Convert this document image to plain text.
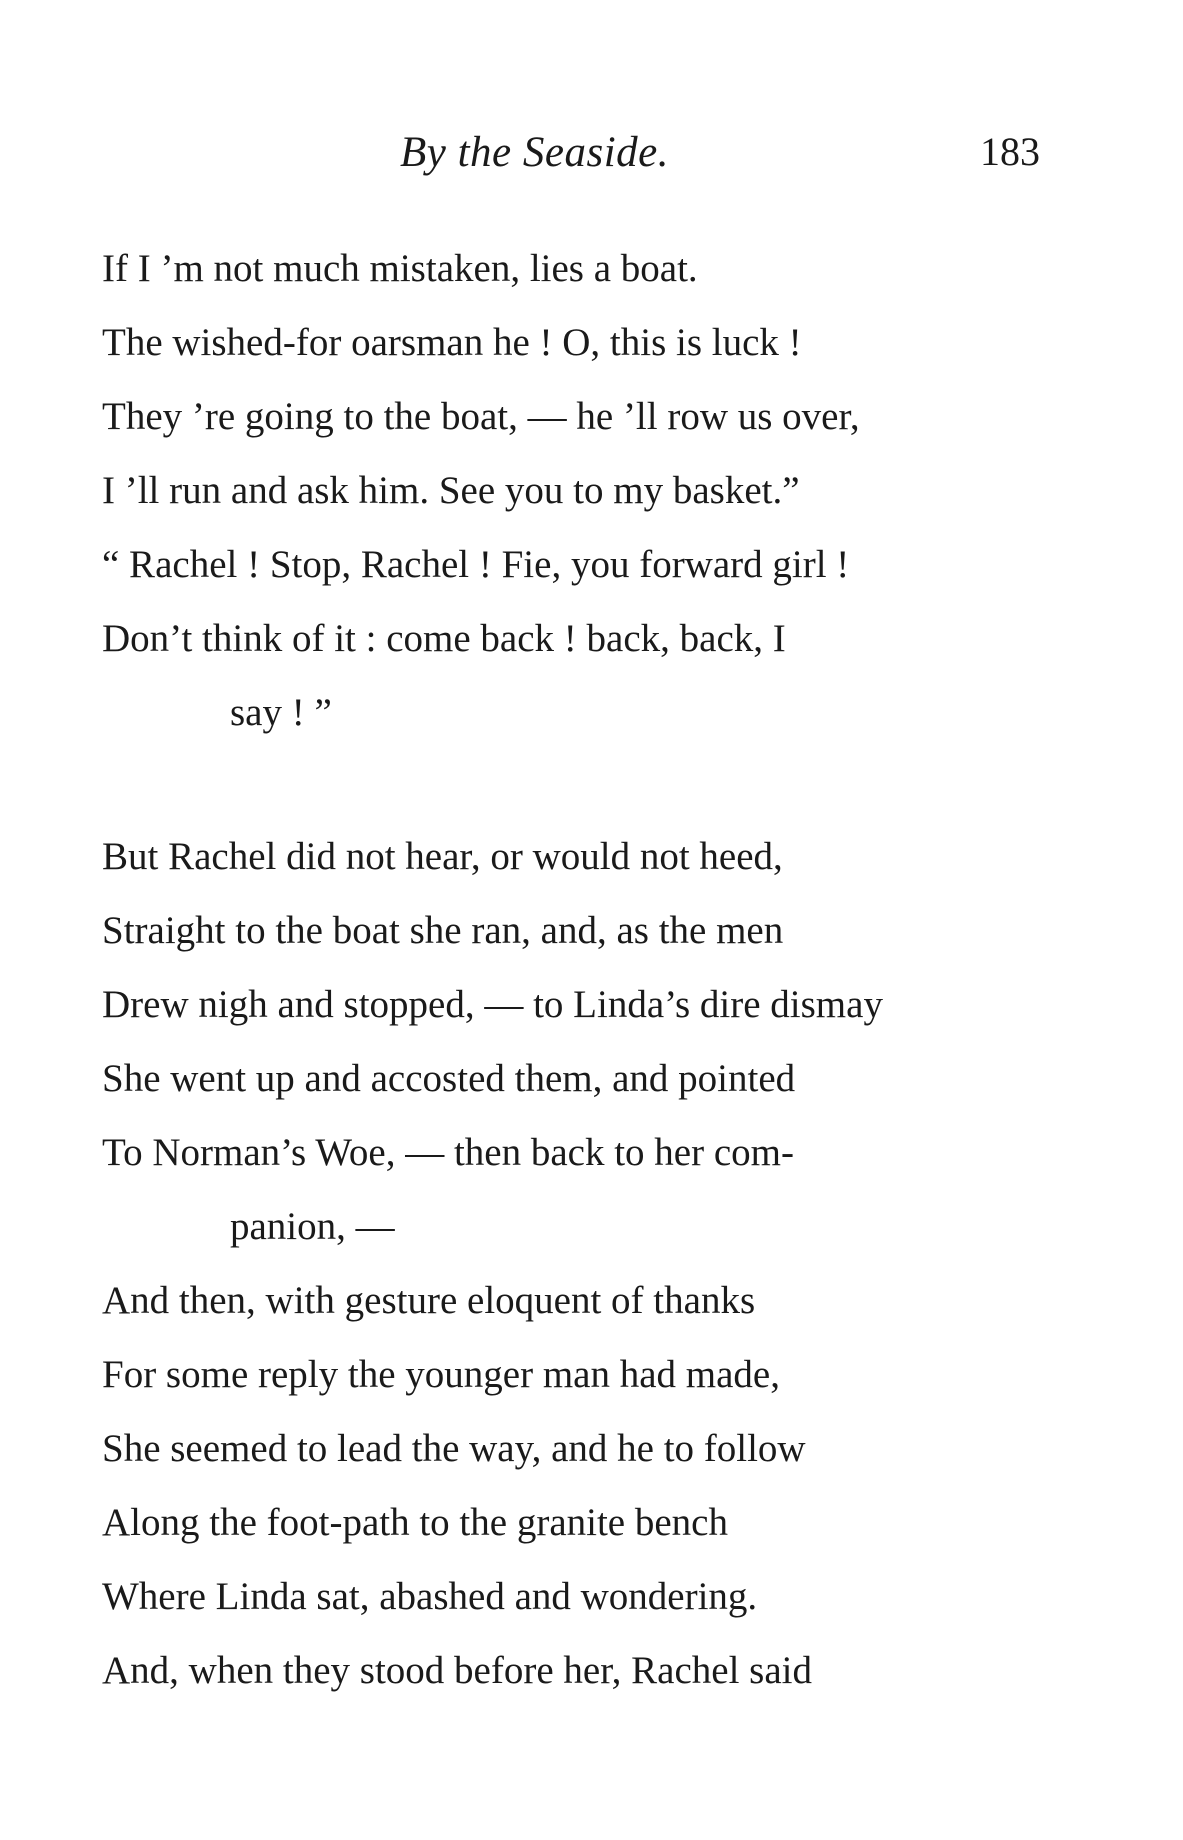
By the Seaside.	183
If I ’m not much mistaken, lies a boat.
The wished-for oarsman he ! O, this is luck !
They ’re going to the boat, — he ’ll row us over,
I ’ll run and ask him. See you to my basket.”
“ Rachel ! Stop, Rachel ! Fie, you forward girl !
Don’t think of it : come back ! back, back, I
say ! ”
But Rachel did not hear, or would not heed,
Straight to the boat she ran, and, as the men
Drew nigh and stopped, — to Linda’s dire dismay
She went up and accosted them, and pointed
To Norman’s Woe, — then back to her com-
panion, —
And then, with gesture eloquent of thanks
For some reply the younger man had made,
She seemed to lead the way, and he to follow
Along the foot-path to the granite bench
Where Linda sat, abashed and wondering.
And, when they stood before her, Rachel said
